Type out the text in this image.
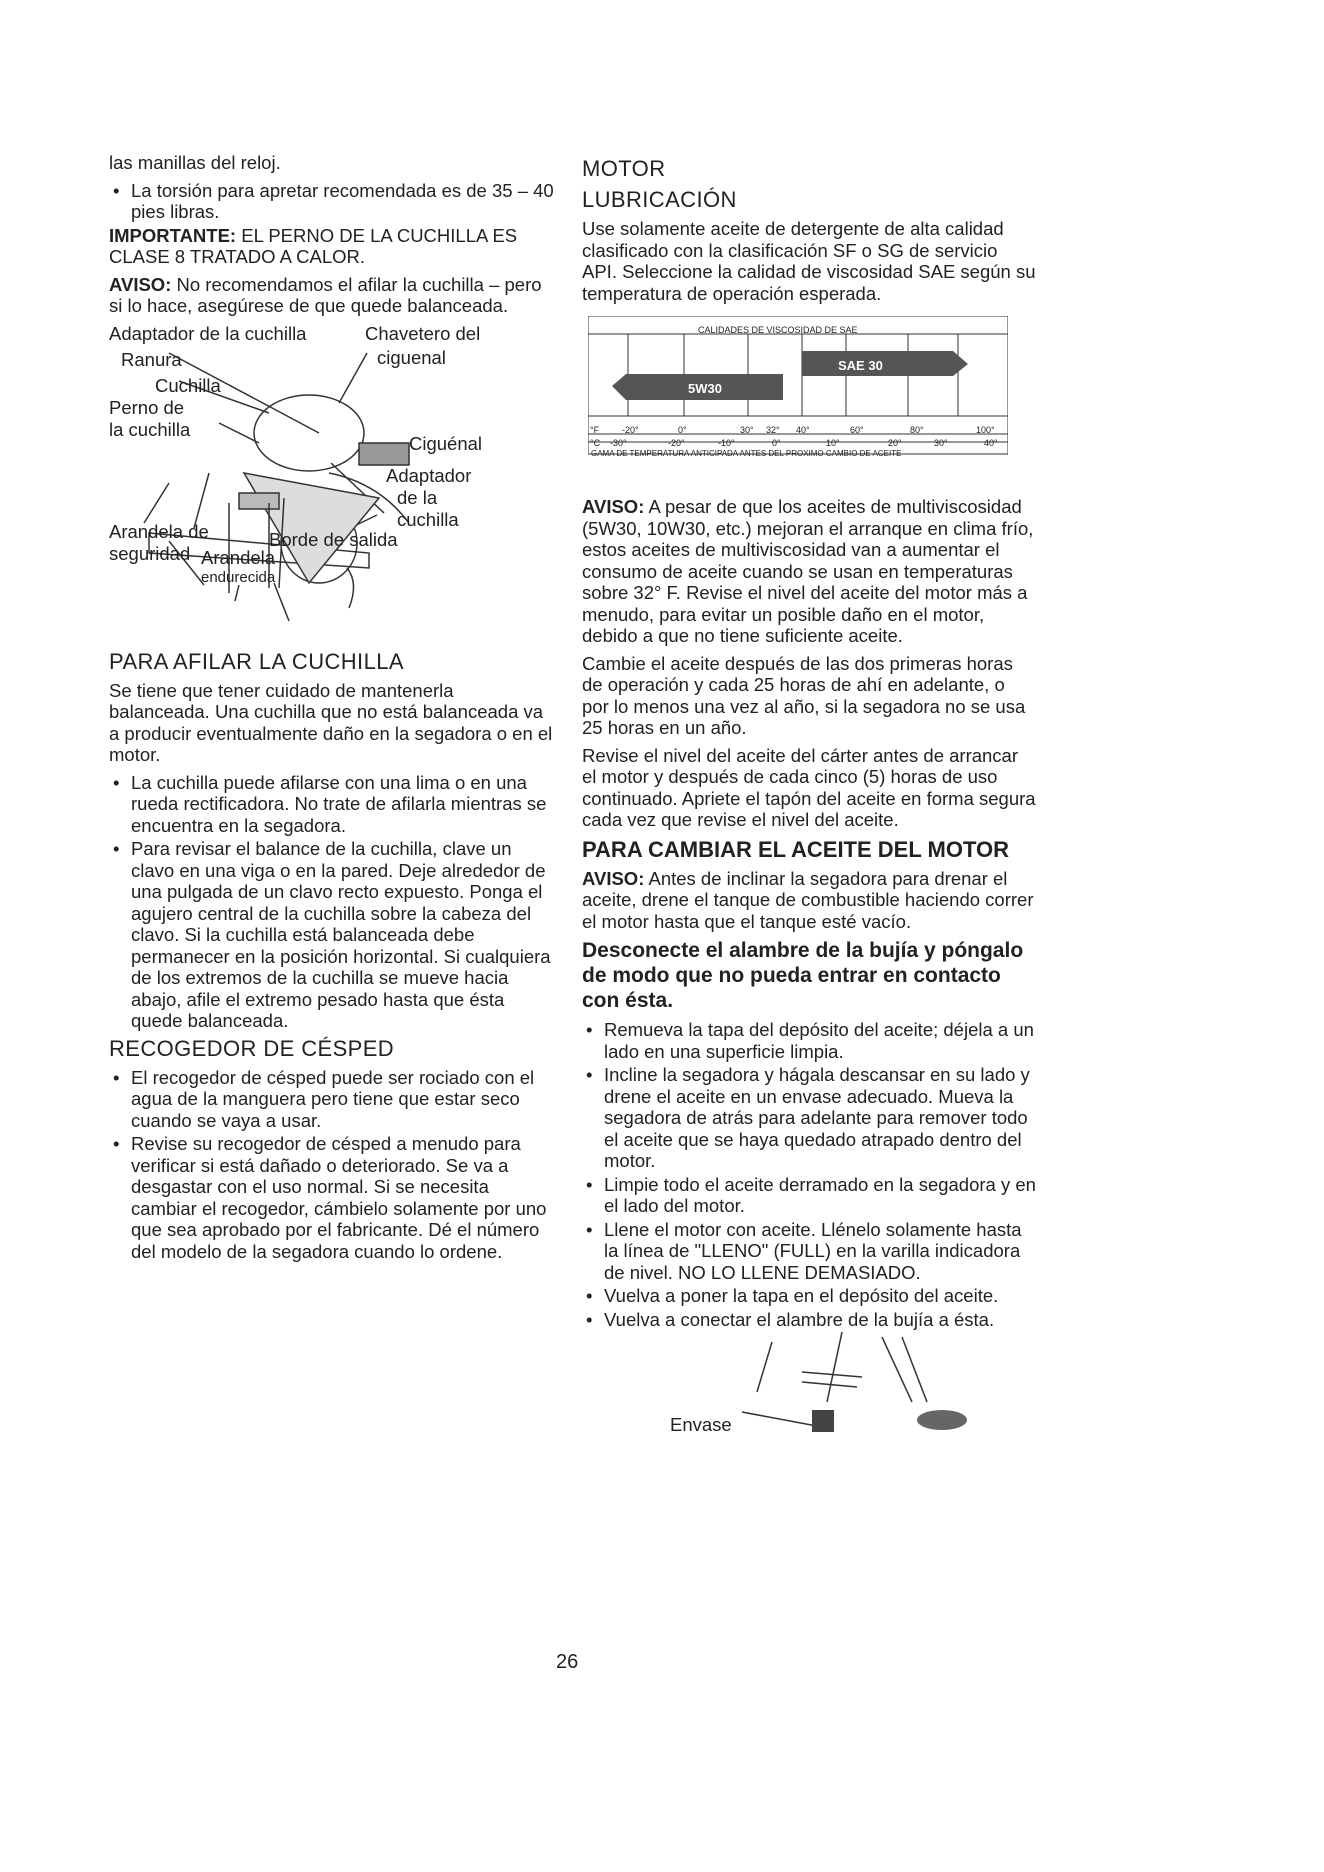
las manillas del reloj.

• La torsión para apretar recomendada es de 35 – 40 pies libras.

IMPORTANTE: EL PERNO DE LA CUCHILLA ES CLASE 8 TRATADO A CALOR.

AVISO: No recomendamos el afilar la cuchilla – pero si lo hace, asegúrese de que quede balanceada.

Adaptador de la cuchilla	Chavetero del
ciguenal
Ranura
Cuchilla
Perno de
la cuchilla
Ciguénal
Adaptador
de la
cuchilla
Arandela de
seguridad
Borde de salida
Arandela
endurecida
PARA AFILAR LA CUCHILLA

Se tiene que tener cuidado de mantenerla balanceada. Una cuchilla que no está balanceada va a producir eventualmente daño en la segadora o en el motor.

• La cuchilla puede afilarse con una lima o en una rueda rectificadora. No trate de afilarla mientras se encuentra en la segadora.
• Para revisar el balance de la cuchilla, clave un clavo en una viga o en la pared. Deje alrededor de una pulgada de un clavo recto expuesto. Ponga el agujero central de la cuchilla sobre la cabeza del clavo. Si la cuchilla está balanceada debe permanecer en la posición horizontal. Si cualquiera de los extremos de la cuchilla se mueve hacia abajo, afile el extremo pesado hasta que ésta quede balanceada.
RECOGEDOR DE CÉSPED
• El recogedor de césped puede ser rociado con el agua de la manguera pero tiene que estar seco cuando se vaya a usar.
• Revise su recogedor de césped a menudo para verificar si está dañado o deteriorado. Se va a desgastar con el uso normal. Si se necesita cambiar el recogedor, cámbielo solamente por uno que sea aprobado por el fabricante. Dé el número del modelo de la segadora cuando lo ordene.
MOTOR
LUBRICACIÓN

Use solamente aceite de detergente de alta calidad clasificado con la clasificación SF o SG de servicio API. Seleccione la calidad de viscosidad SAE según su temperatura de operación esperada.

CALIDADES DE VISCOSIDAD DE SAE
SAE 30
5W30
°F	-20°	0°	30° 32° 40°	60°	80°	100°
°C -30°	-20°	-10°	0°	10°	20°	30°	40°
GAMA DE TEMPERATURA ANTICIPADA ANTES DEL PROXIMO CAMBIO DE ACEITE

AVISO: A pesar de que los aceites de multiviscosidad (5W30, 10W30, etc.) mejoran el arranque en clima frío, estos aceites de multiviscosidad van a aumentar el consumo de aceite cuando se usan en temperaturas sobre 32° F. Revise el nivel del aceite del motor más a menudo, para evitar un posible daño en el motor, debido a que no tiene suficiente aceite.

Cambie el aceite después de las dos primeras horas de operación y cada 25 horas de ahí en adelante, o por lo menos una vez al año, si la segadora no se usa 25 horas en un año.

Revise el nivel del aceite del cárter antes de arrancar el motor y después de cada cinco (5) horas de uso continuado. Apriete el tapón del aceite en forma segura cada vez que revise el nivel del aceite.

PARA CAMBIAR EL ACEITE DEL MOTOR

AVISO: Antes de inclinar la segadora para drenar el aceite, drene el tanque de combustible haciendo correr el motor hasta que el tanque esté vacío.

Desconecte el alambre de la bujía y póngalo de modo que no pueda entrar en contacto con ésta.
• Remueva la tapa del depósito del aceite; déjela a un lado en una superficie limpia.
• Incline la segadora y hágala descansar en su lado y drene el aceite en un envase adecuado. Mueva la segadora de atrás para adelante para remover todo el aceite que se haya quedado atrapado dentro del motor.
• Limpie todo el aceite derramado en la segadora y en el lado del motor.
• Llene el motor con aceite. Llénelo solamente hasta la línea de "LLENO" (FULL) en la varilla indicadora de nivel. NO LO LLENE DEMASIADO.
• Vuelva a poner la tapa en el depósito del aceite.
• Vuelva a conectar el alambre de la bujía a ésta.
Envase
26
